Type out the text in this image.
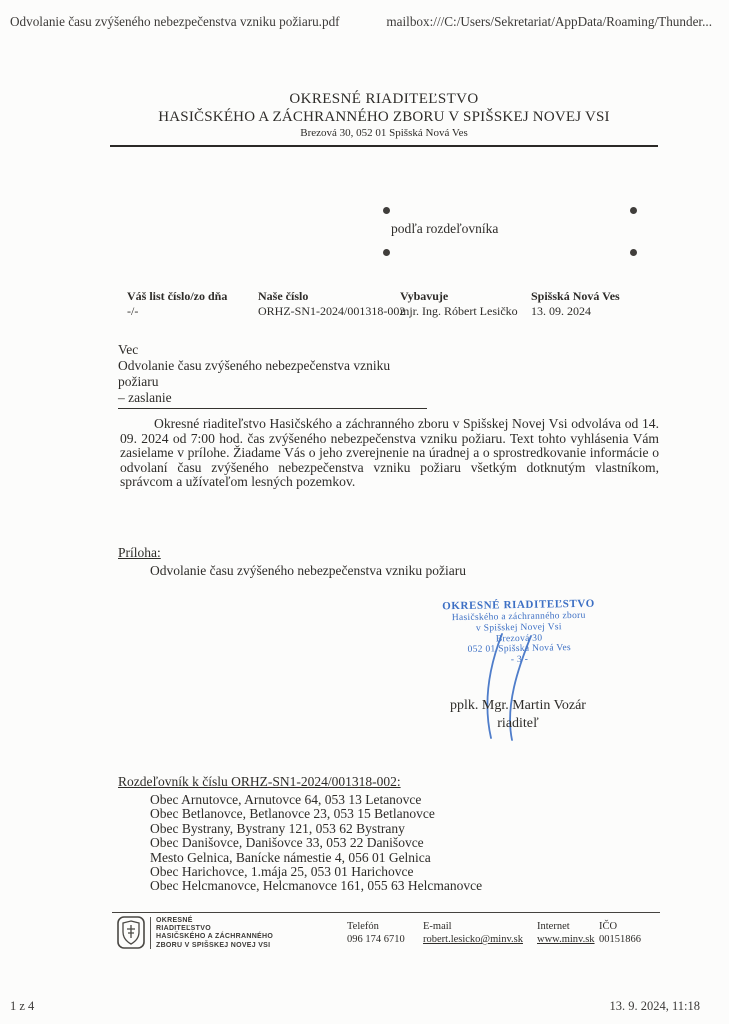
Odvolanie času zvýšeného nebezpečenstva vzniku požiaru.pdf	mailbox:///C:/Users/Sekretariat/AppData/Roaming/Thunder...
OKRESNÉ RIADITEĽSTVO
HASIČSKÉHO A ZÁCHRANNÉHO ZBORU V SPIŠSKEJ NOVEJ VSI
Brezová 30, 052 01 Spišská Nová Ves
podľa rozdeľovníka
Váš list číslo/zo dňa
-/-
Naše číslo
ORHZ-SN1-2024/001318-002
Vybavuje
mjr. Ing. Róbert Lesičko
Spišská Nová Ves
13. 09. 2024
Vec
Odvolanie času zvýšeného nebezpečenstva vzniku požiaru
– zaslanie
Okresné riaditeľstvo Hasičského a záchranného zboru v Spišskej Novej Vsi odvoláva od 14. 09. 2024 od 7:00 hod. čas zvýšeného nebezpečenstva vzniku požiaru. Text tohto vyhlásenia Vám zasielame v prílohe. Žiadame Vás o jeho zverejnenie na úradnej a o sprostredkovanie informácie o odvolaní času zvýšeného nebezpečenstva vzniku požiaru všetkým dotknutým vlastníkom, správcom a užívateľom lesných pozemkov.
Príloha:
Odvolanie času zvýšeného nebezpečenstva vzniku požiaru
OKRESNÉ RIADITEĽSTVO
Hasičského a záchranného zboru
v Spišskej Novej Vsi
Brezová 30
052 01 Spišská Nová Ves
- 3 -
pplk. Mgr. Martin Vozár
riaditeľ
Rozdeľovník k číslu ORHZ-SN1-2024/001318-002:
Obec Arnutovce, Arnutovce 64, 053 13 Letanovce
Obec Betlanovce, Betlanovce 23, 053 15 Betlanovce
Obec Bystrany, Bystrany 121, 053 62 Bystrany
Obec Danišovce, Danišovce 33, 053 22 Danišovce
Mesto Gelnica, Banícke námestie 4, 056 01 Gelnica
Obec Harichovce, 1.mája 25, 053 01 Harichovce
Obec Helcmanovce, Helcmanovce 161, 055 63 Helcmanovce
OKRESNÉ
RIADITEĽSTVO
HASIČSKÉHO A ZÁCHRANNÉHO
ZBORU V SPIŠSKEJ NOVEJ VSI
Telefón
096 174 6710
E-mail
robert.lesicko@minv.sk
Internet
www.minv.sk
IČO
00151866
1 z 4	13. 9. 2024, 11:18
